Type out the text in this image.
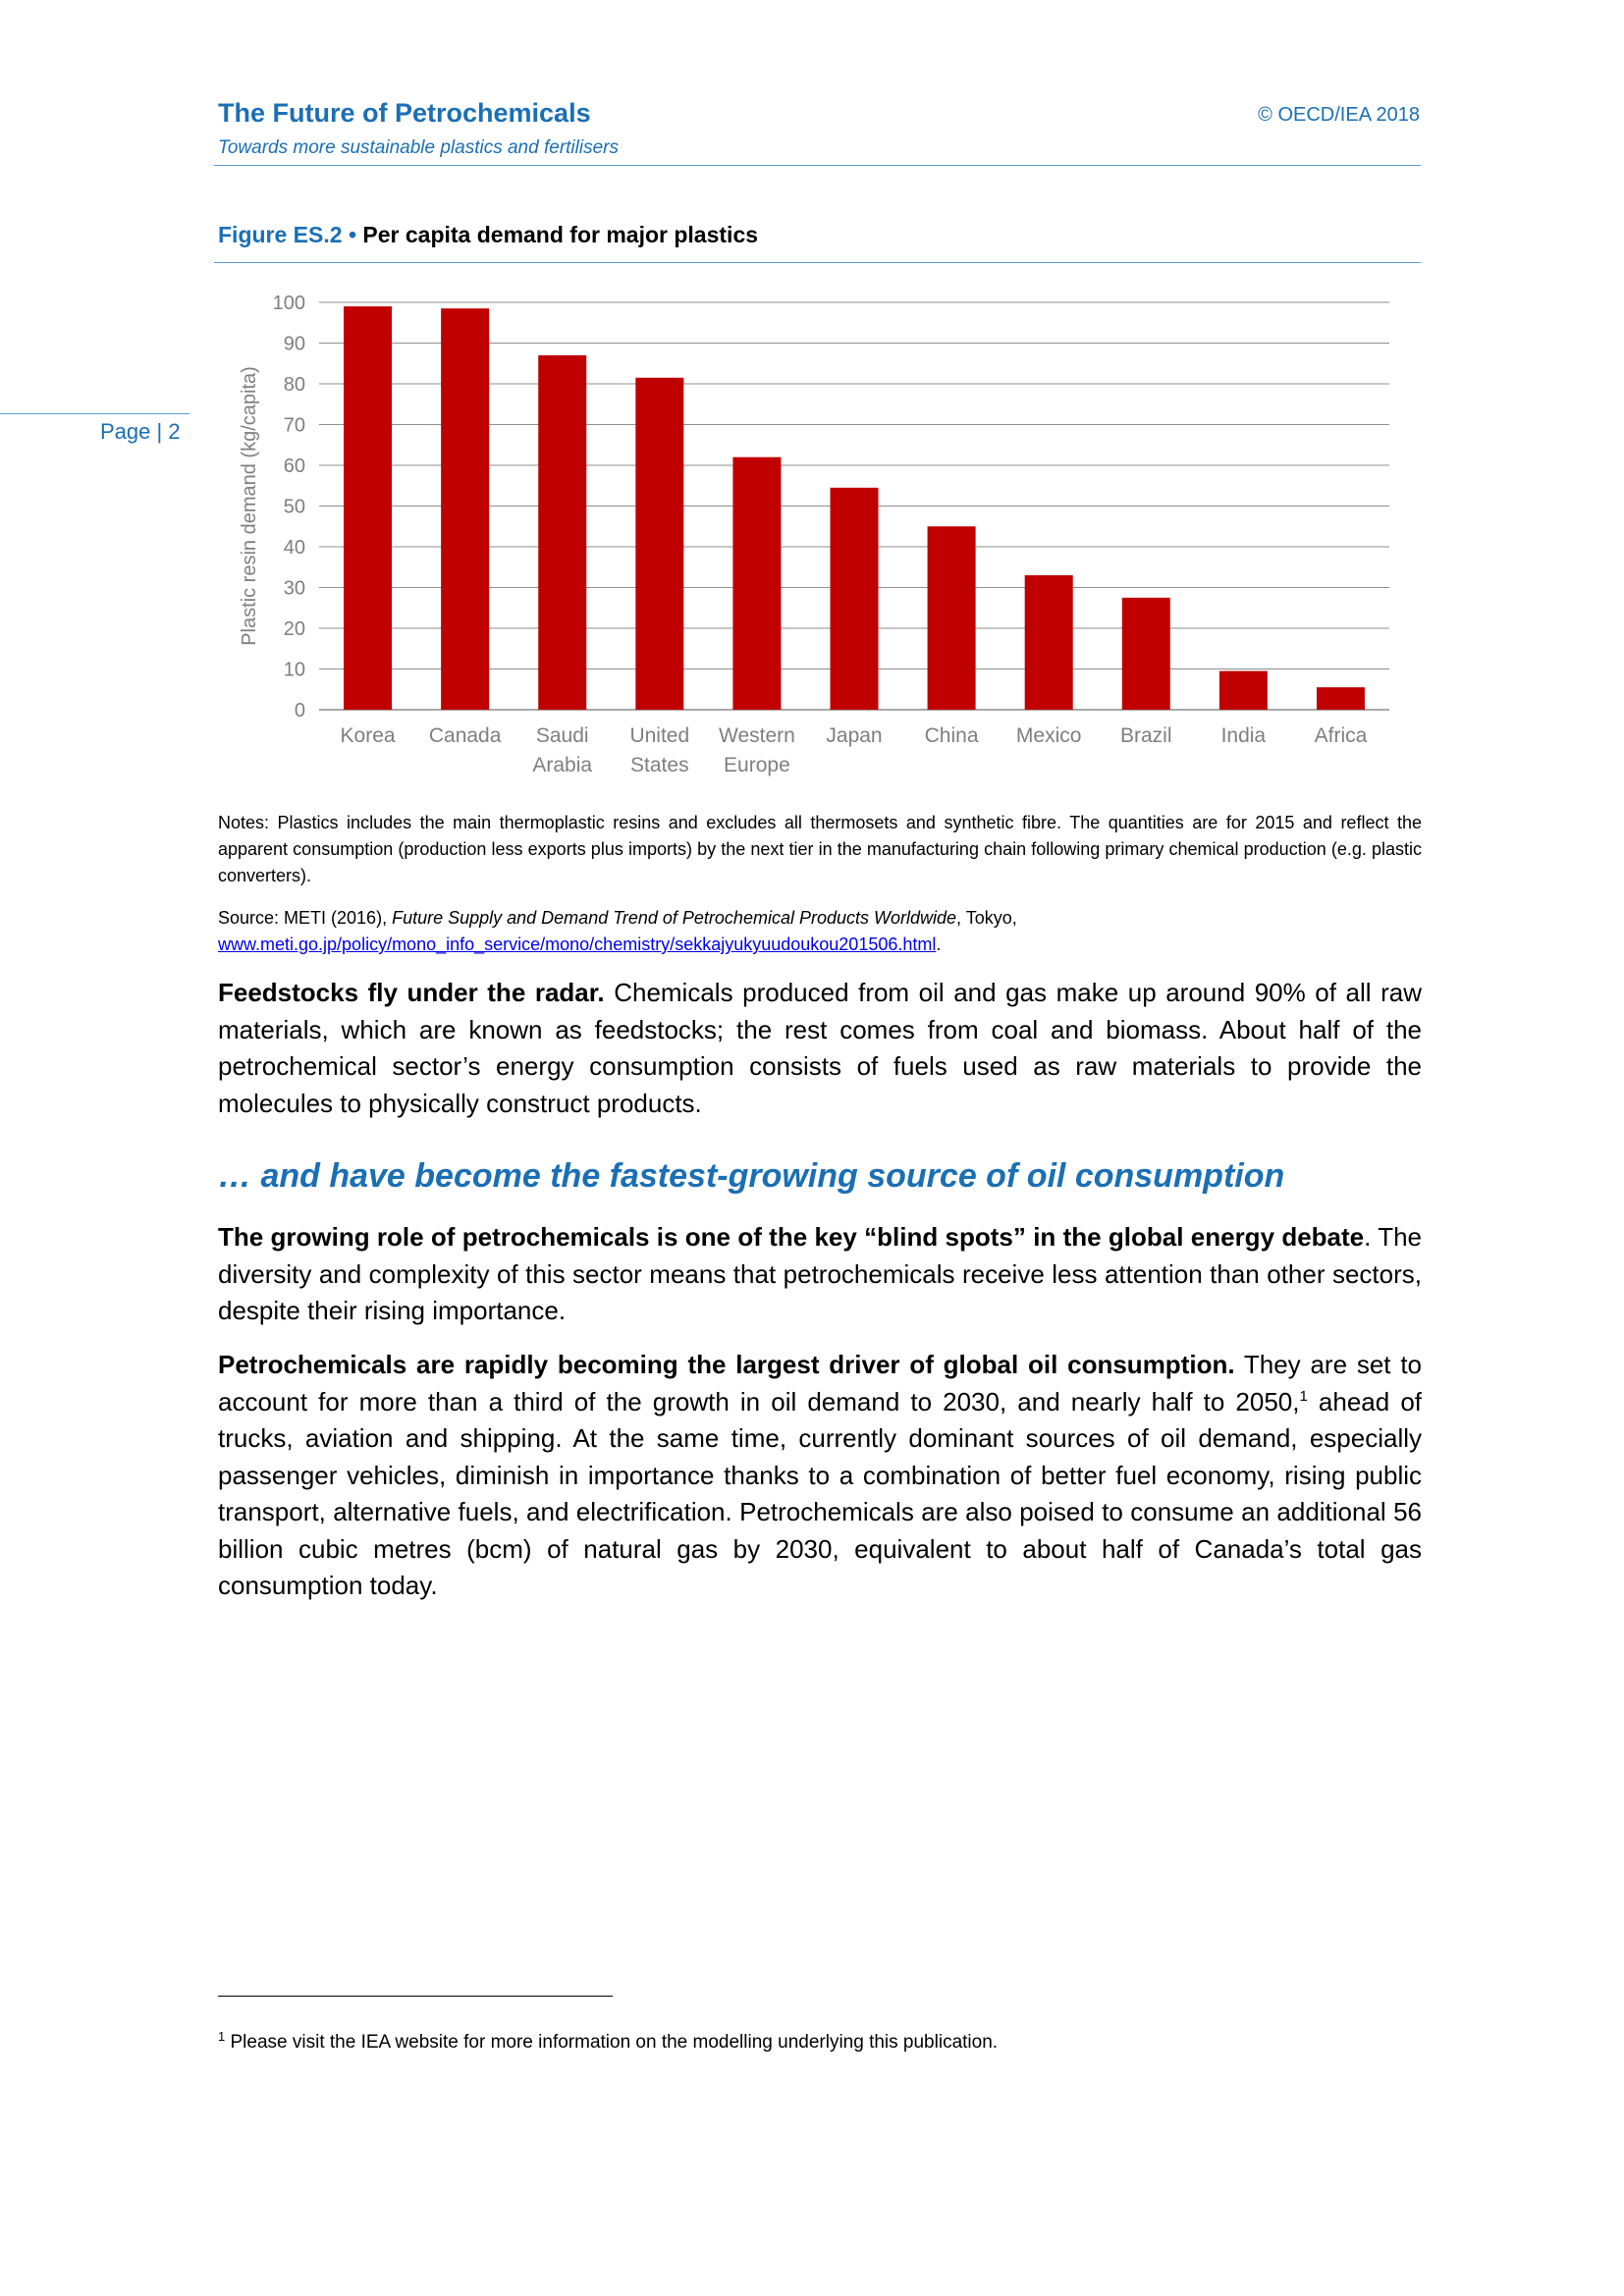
The Future of Petrochemicals
Towards more sustainable plastics and fertilisers
© OECD/IEA 2018
Page | 2
Figure ES.2 • Per capita demand for major plastics
0
10
20
30
40
50
60
70
80
90
100
Plastic resin demand (kg/capita)
Korea Canada Saudi Arabia
United States
Western Europe
Japan China Mexico Brazil India Africa
Notes: Plastics includes the main thermoplastic resins and excludes all thermosets and synthetic fibre. The quantities are for 2015 and reflect the apparent consumption (production less exports plus imports) by the next tier in the manufacturing chain following primary chemical production (e.g. plastic converters).
Source: METI (2016), Future Supply and Demand Trend of Petrochemical Products Worldwide, Tokyo,
www.meti.go.jp/policy/mono_info_service/mono/chemistry/sekkajyukyuudoukou201506.html.
Feedstocks fly under the radar. Chemicals produced from oil and gas make up around 90% of all raw materials, which are known as feedstocks; the rest comes from coal and biomass. About half of the petrochemical sector’s energy consumption consists of fuels used as raw materials to provide the molecules to physically construct products.
… and have become the fastest-growing source of oil consumption
The growing role of petrochemicals is one of the key “blind spots” in the global energy debate. The diversity and complexity of this sector means that petrochemicals receive less attention than other sectors, despite their rising importance.
Petrochemicals are rapidly becoming the largest driver of global oil consumption. They are set to account for more than a third of the growth in oil demand to 2030, and nearly half to 2050,$^1$ ahead of trucks, aviation and shipping. At the same time, currently dominant sources of oil demand, especially passenger vehicles, diminish in importance thanks to a combination of better fuel economy, rising public transport, alternative fuels, and electrification. Petrochemicals are also poised to consume an additional 56 billion cubic metres (bcm) of natural gas by 2030, equivalent to about half of Canada’s total gas consumption today.
$^1$ Please visit the IEA website for more information on the modelling underlying this publication.
